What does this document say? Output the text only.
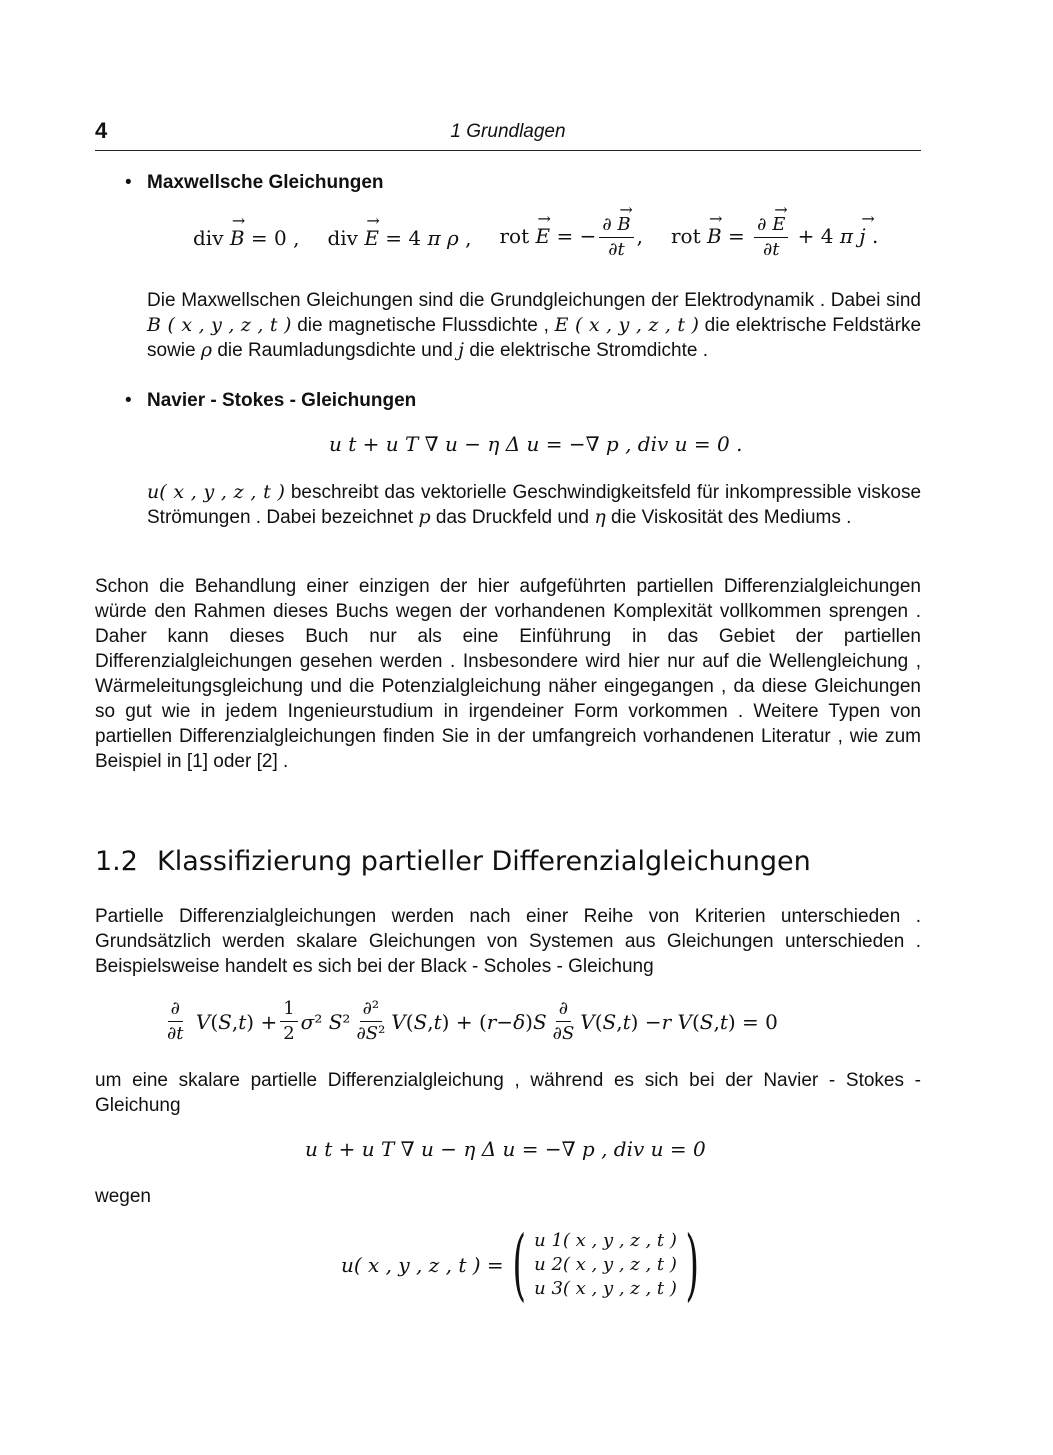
4	1 Grundlagen
• Maxwellsche Gleichungen
div → B = 0 , div → E = 4 π ρ , rot → E = − $\frac{\partial \to B}{\partial t}$ , rot → $B = \frac{\partial \to E}{\partial t} + 4$ π → j .
Die Maxwellschen Gleichungen sind die Grundgleichungen der Elektrodynamik . Dabei sind B ( x , y , z , t ) die magnetische Flussdichte , E ( x , y , z , t ) die elektrische Feldstärke sowie ρ die Raumladungsdichte und j die elektrische Stromdichte .
• Navier - Stokes - Gleichungen
u t + u T ∇ u − η Δ u = −∇ p , div u = 0 .
u( x , y , z , t ) beschreibt das vektorielle Geschwindigkeitsfeld für inkompressible viskose Strömungen . Dabei bezeichnet p das Druckfeld und η die Viskosität des Mediums .
Schon die Behandlung einer einzigen der hier aufgeführten partiellen Differenzialgleichungen würde den Rahmen dieses Buchs wegen der vorhandenen Komplexität vollkommen sprengen . Daher kann dieses Buch nur als eine Einführung in das Gebiet der partiellen Differenzialgleichungen gesehen werden . Insbesondere wird hier nur auf die Wellengleichung , Wärmeleitungsgleichung und die Potenzialgleichung näher eingegangen , da diese Gleichungen so gut wie in jedem Ingenieurstudium in irgendeiner Form vorkommen . Weitere Typen von partiellen Differenzialgleichungen finden Sie in der umfangreich vorhandenen Literatur , wie zum Beispiel in [1] oder [2] .
1.2 Klassifizierung partieller Differenzialgleichungen
Partielle Differenzialgleichungen werden nach einer Reihe von Kriterien unterschieden . Grundsätzlich werden skalare Gleichungen von Systemen aus Gleichungen unterschieden . Beispielsweise handelt es sich bei der Black - Scholes - Gleichung
$\frac{\partial}{\partial t}$ V ( S , t ) + $\frac{1}{2}$ σ ² S $^2 \frac{\text{∂²}}{\text{∂S²}}$ V ( S , t ) + ( r − δ ) S $\frac{\partial}{\partial S}$ V ( S , t ) − r V ( S , t ) = 0
um eine skalare partielle Differenzialgleichung , während es sich bei der Navier - Stokes - Gleichung
u t + u T ∇ u − η Δ u = −∇ p , div u = 0
wegen
u( x , y , z , t ) = ( u 1( x , y , z , t )
u 2( x , y , z , t )
u 3( x , y , z , t ) )
